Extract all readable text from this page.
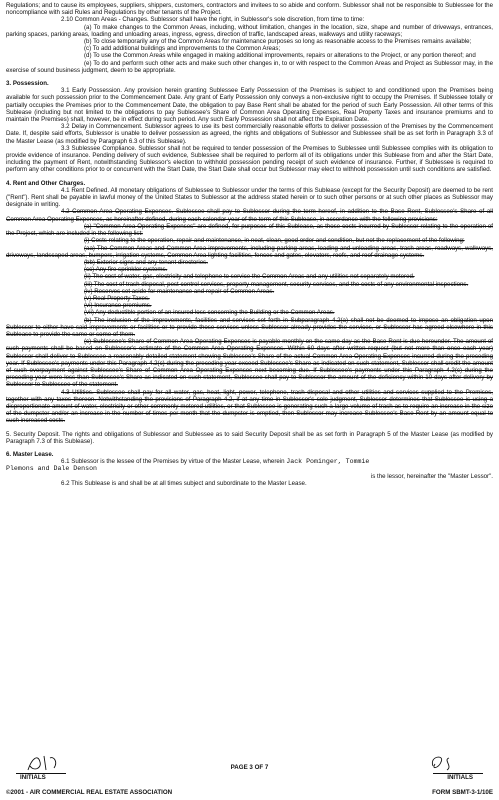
Regulations; and to cause its employees, suppliers, shippers, customers, contractors and invitees to so abide and conform. Sublessor shall not be responsible to Sublessee for the noncompliance with said Rules and Regulations by other tenants of the Project.

2.10 Common Areas - Changes. Sublessor shall have the right, in Sublessor's sole discretion, from time to time:

(a) To make changes to the Common Areas, including, without limitation, changes in the location, size, shape and number of driveways, entrances, parking spaces, parking areas, loading and unloading areas, ingress, egress, direction of traffic, landscaped areas, walkways and utility raceways;

(b) To close temporarily any of the Common Areas for maintenance purposes so long as reasonable access to the Premises remains available;

(c) To add additional buildings and improvements to the Common Areas;

(d) To use the Common Areas while engaged in making additional improvements, repairs or alterations to the Project, or any portion thereof; and

(e) To do and perform such other acts and make such other changes in, to or with respect to the Common Areas and Project as Sublessor may, in the exercise of sound business judgment, deem to be appropriate.

3. Possession.

3.1 Early Possession. Any provision herein granting Sublessee Early Possession of the Premises is subject to and conditioned upon the Premises being available for such possession prior to the Commencement Date. Any grant of Early Possession only conveys a non-exclusive right to occupy the Premises. If Sublessee totally or partially occupies the Premises prior to the Commencement Date, the obligation to pay Base Rent shall be abated for the period of such Early Possession. All other terms of this Sublease (including but not limited to the obligations to pay Sublessee's Share of Common Area Operating Expenses, Real Property Taxes and insurance premiums and to maintain the Premises) shall, however, be in effect during such period. Any such Early Possession shall not affect the Expiration Date.

3.2 Delay in Commencement. Sublessor agrees to use its best commercially reasonable efforts to deliver possession of the Premises by the Commencement Date. If, despite said efforts, Sublessor is unable to deliver possession as agreed, the rights and obligations of Sublessor and Sublessee shall be as set forth in Paragraph 3.3 of the Master Lease (as modified by Paragraph 6.3 of this Sublease).

3.3 Sublessee Compliance. Sublessor shall not be required to tender possession of the Premises to Sublessee until Sublessee complies with its obligation to provide evidence of insurance. Pending delivery of such evidence, Sublessee shall be required to perform all of its obligations under this Sublease from and after the Start Date, including the payment of Rent, notwithstanding Sublessor's election to withhold possession pending receipt of such evidence of insurance. Further, if Sublessee is required to perform any other conditions prior to or concurrent with the Start Date, the Start Date shall occur but Sublessor may elect to withhold possession until such conditions are satisfied.

4. Rent and Other Charges.

4.1 Rent Defined. All monetary obligations of Sublessee to Sublessor under the terms of this Sublease (except for the Security Deposit) are deemed to be rent ("Rent"). Rent shall be payable in lawful money of the United States to Sublessor at the address stated herein or to such other persons or at such other places as Sublessor may designate in writing.

4.2 Common Area Operating Expenses. Sublessee shall pay to Sublessor during the term hereof, in addition to the Base Rent, Sublessee's Share of all Common Area Operating Expenses, as hereinafter defined, during each calendar year of the term of this Sublease, in accordance with the following provisions:

(a) "Common Area Operating Expenses" are defined, for purposes of this Sublease, as those costs incurred by Sublessor relating to the operation of the Project, which are included in the following list:

(i) Costs relating to the operation, repair and maintenance, in neat, clean, good order and condition, but not the replacement of the following:

(aa) The Common Areas and Common Area improvements, including parking areas, loading and unloading areas, trash areas, roadways, walkways, driveways, landscaped areas, bumpers, irrigation systems, Common Area lighting facilities, fences and gates, elevators, roofs, and roof drainage systems.

(bb) Exterior signs and any tenant directories.

(cc) Any fire sprinkler systems.

(ii) The cost of water, gas, electricity and telephone to service the Common Areas and any utilities not separately metered.

(iii) The cost of trash disposal, pest control services, property management, security services, and the costs of any environmental inspections.

(iv) Reserves set aside for maintenance and repair of Common Areas.

(v) Real Property Taxes.

(vi) Insurance premiums.

(vii) Any deductible portion of an insured loss concerning the Building or the Common Areas.

(b) The inclusion of the improvements, facilities and services set forth in Subparagraph 4.2(a) shall not be deemed to impose an obligation upon Sublessor to either have said improvements or facilities or to provide those services unless Sublessor already provides the services, or Sublessor has agreed elsewhere in this Sublease to provide the same or some of them.

(c) Sublessee's Share of Common Area Operating Expenses is payable monthly on the same day as the Base Rent is due hereunder. The amount of such payments shall be based on Sublessor's estimate of the Common Area Operating Expenses. Within 60 days after written request (but not more than once each year) Sublessor shall deliver to Sublessee a reasonably detailed statement showing Sublessee's Share of the actual Common Area Operating Expenses incurred during the preceding year. If Sublessee's payments under this Paragraph 4.2(c) during the preceding year exceed Sublessee's Share as indicated on such statement, Sublessor shall credit the amount of such overpayment against Sublessee's Share of Common Area Operating Expenses next becoming due. If Sublessee's payments under this Paragraph 4.2(c) during the preceding year were less than Sublessee's Share as indicated on such statement, Sublessee shall pay to Sublessor the amount of the deficiency within 10 days after delivery by Sublessor to Sublessee of the statement.

4.3 Utilities. Sublessee shall pay for all water, gas, heat, light, power, telephone, trash disposal and other utilities and services supplied to the Premises, together with any taxes thereon. Notwithstanding the provisions of Paragraph 4.2, if at any time in Sublessor's sole judgment, Sublessor determines that Sublessee is using a disproportionate amount of water, electricity or other commonly metered utilities, or that Sublessee is generating such a large volume of trash as to require an increase in the size of the dumpster and/or an increase in the number of times per month that the dumpster is emptied, then Sublessor may increase Sublessee's Base Rent by an amount equal to such increased costs.

5. Security Deposit. The rights and obligations of Sublessor and Sublessee as to said Security Deposit shall be as set forth in Paragraph 5 of the Master Lease (as modified by Paragraph 7.3 of this Sublease).

6. Master Lease.

6.1 Sublessor is the lessee of the Premises by virtue of the Master Lease, wherein Jack Pominger, Tommie

Plemons and Dale Denson

is the lessor, hereinafter the "Master Lessor".

6.2 This Sublease is and shall be at all times subject and subordinate to the Master Lease.

INITIALS
PAGE 3 OF 7
INITIALS
©2001 - AIR COMMERCIAL REAL ESTATE ASSOCIATION	FORM SBMT-3-1/10E
